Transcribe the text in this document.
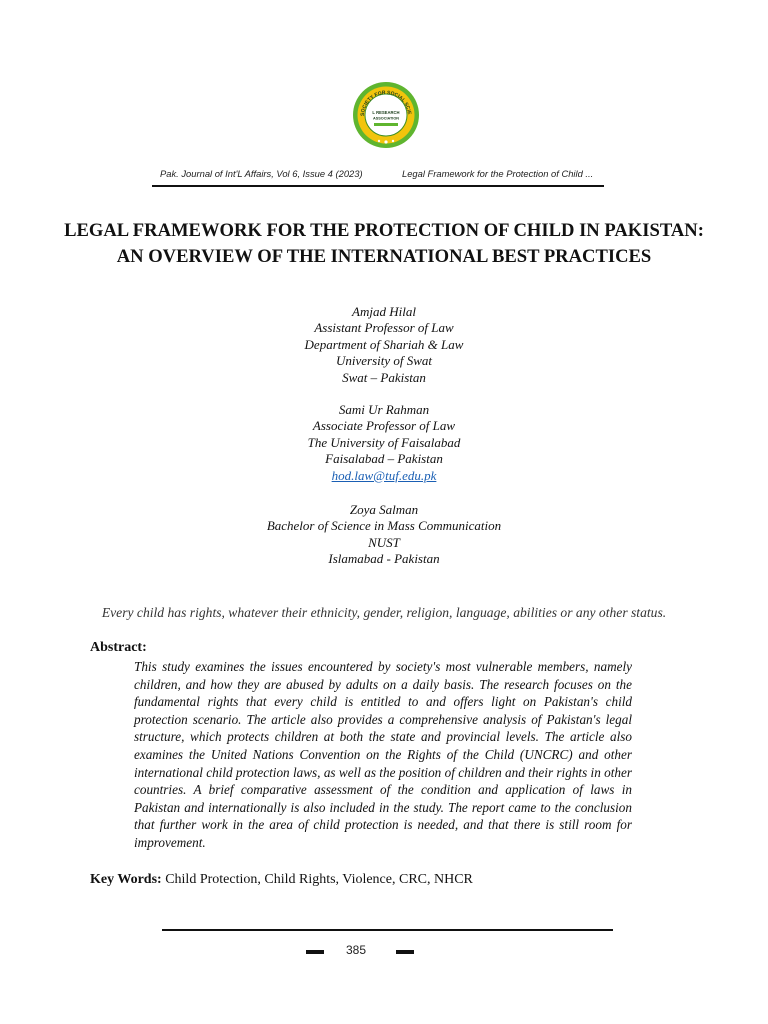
SOCIETY FOR SOCIAL SCIE
L RESEARCH
ASSOCIATION
Pak. Journal of Int'L Affairs, Vol 6, Issue 4 (2023)	Legal Framework for the Protection of Child ...
LEGAL FRAMEWORK FOR THE PROTECTION OF CHILD IN PAKISTAN: AN OVERVIEW OF THE INTERNATIONAL BEST PRACTICES
Amjad Hilal
Assistant Professor of Law
Department of Shariah & Law
University of Swat
Swat – Pakistan
Sami Ur Rahman
Associate Professor of Law
The University of Faisalabad
Faisalabad – Pakistan
hod.law@tuf.edu.pk
Zoya Salman
Bachelor of Science in Mass Communication
NUST
Islamabad - Pakistan
Every child has rights, whatever their ethnicity, gender, religion, language, abilities or any other status.
Abstract:

This study examines the issues encountered by society's most vulnerable members, namely children, and how they are abused by adults on a daily basis. The research focuses on the fundamental rights that every child is entitled to and offers light on Pakistan's child protection scenario. The article also provides a comprehensive analysis of Pakistan's legal structure, which protects children at both the state and provincial levels. The article also examines the United Nations Convention on the Rights of the Child (UNCRC) and other international child protection laws, as well as the position of children and their rights in other countries. A brief comparative assessment of the condition and application of laws in Pakistan and internationally is also included in the study. The report came to the conclusion that further work in the area of child protection is needed, and that there is still room for improvement.

Key Words: Child Protection, Child Rights, Violence, CRC, NHCR
385
